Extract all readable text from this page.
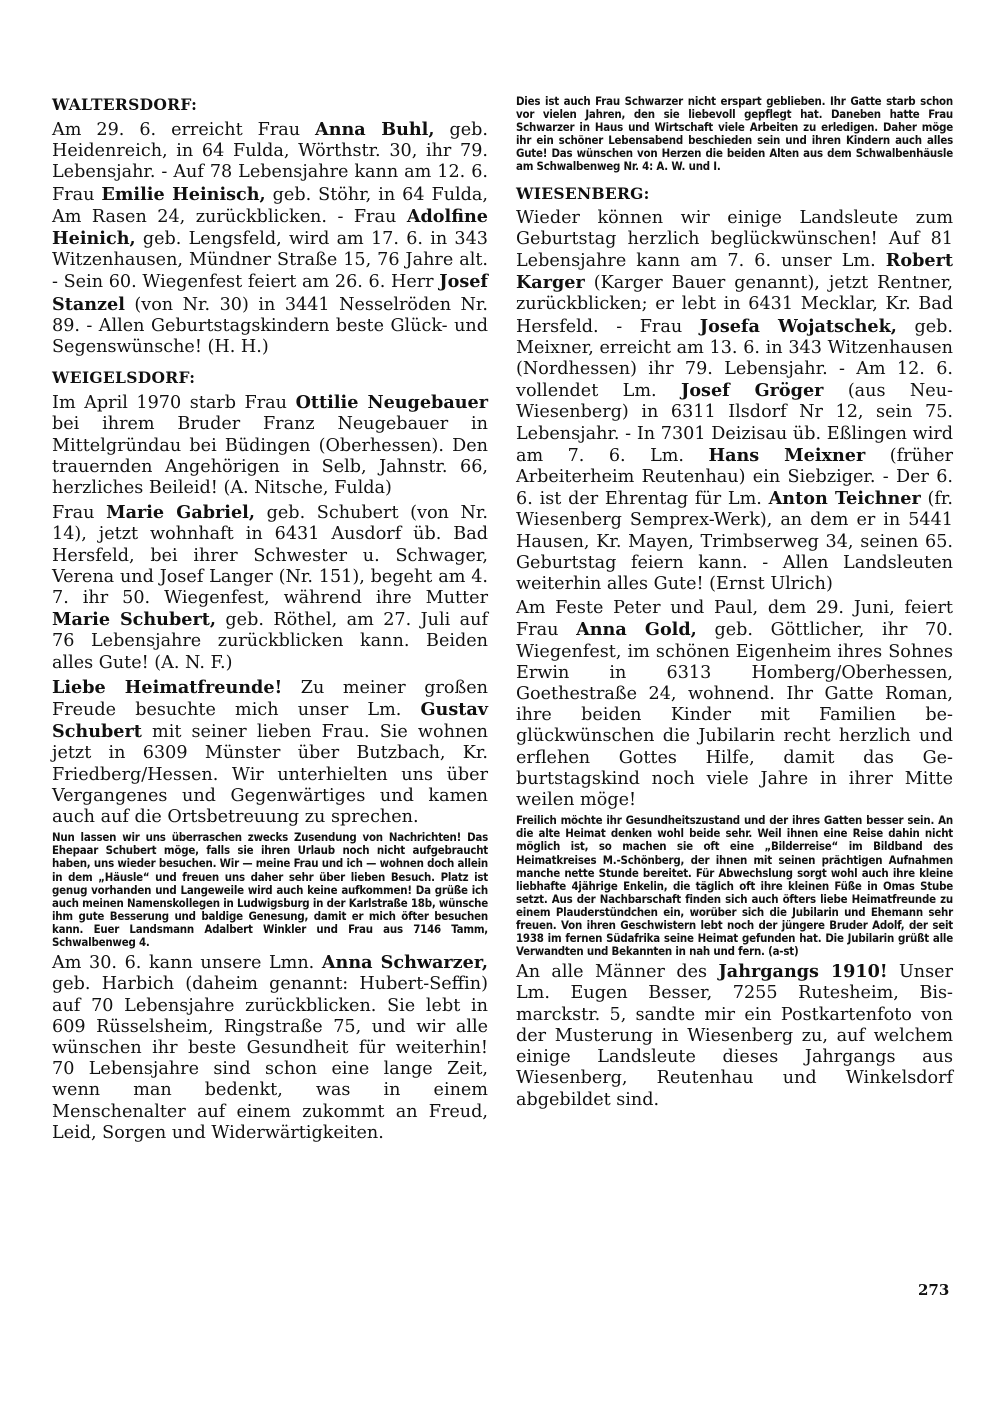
WALTERSDORF:

Am 29. 6. erreicht Frau Anna Buhl, geb. Heidenreich, in 64 Fulda, Wörthstr. 30, ihr 79. Lebensjahr. - Auf 78 Lebensjahre kann am 12. 6. Frau Emilie Heinisch, geb. Stöhr, in 64 Fulda, Am Rasen 24, zurückblicken. - Frau Adolfine Heinich, geb. Lengsfeld, wird am 17. 6. in 343 Witzenhausen, Mündner Straße 15, 76 Jahre alt. - Sein 60. Wiegenfest feiert am 26. 6. Herr Josef Stanzel (von Nr. 30) in 3441 Nesselröden Nr. 89. - Allen Geburtstagskindern beste Glück- und Segenswünsche! (H. H.)

WEIGELSDORF:

Im April 1970 starb Frau Ottilie Neugebauer bei ihrem Bruder Franz Neugebauer in Mittelgründau bei Büdingen (Oberhessen). Den trauernden Angehörigen in Selb, Jahnstr. 66, herzliches Beileid! (A. Nitsche, Fulda)

Frau Marie Gabriel, geb. Schubert (von Nr. 14), jetzt wohnhaft in 6431 Ausdorf üb. Bad Hersfeld, bei ihrer Schwester u. Schwager, Verena und Josef Langer (Nr. 151), begeht am 4. 7. ihr 50. Wiegenfest, während ihre Mutter Marie Schubert, geb. Röthel, am 27. Juli auf 76 Lebensjahre zurückblicken kann. Beiden alles Gute! (A. N. F.)

Liebe Heimatfreunde! Zu meiner großen Freude besuchte mich unser Lm. Gustav Schubert mit seiner lieben Frau. Sie wohnen jetzt in 6309 Münster über Butzbach, Kr. Friedberg/Hessen. Wir unterhielten uns über Vergangenes und Gegenwärtiges und kamen auch auf die Ortsbetreuung zu sprechen.

Nun lassen wir uns überraschen zwecks Zusendung von Nachrichten! Das Ehepaar Schubert möge, falls sie ihren Urlaub noch nicht aufgebraucht haben, uns wieder besuchen. Wir — meine Frau und ich — wohnen doch allein in dem „Häusle“ und freuen uns daher sehr über lieben Besuch. Platz ist genug vorhanden und Langeweile wird auch keine aufkommen! Da grüße ich auch meinen Namenskollegen in Ludwigsburg in der Karlstraße 18b, wünsche ihm gute Besserung und baldige Genesung, damit er mich öfter besuchen kann. Euer Landsmann Adalbert Winkler und Frau aus 7146 Tamm, Schwalbenweg 4.

Am 30. 6. kann unsere Lmn. Anna Schwarzer, geb. Harbich (daheim genannt: Hubert-Seffin) auf 70 Lebensjahre zurückblicken. Sie lebt in 609 Rüsselsheim, Ringstraße 75, und wir alle wünschen ihr beste Gesundheit für weiterhin! 70 Lebensjahre sind schon eine lange Zeit, wenn man bedenkt, was in einem Menschenalter auf einem zukommt an Freud, Leid, Sorgen und Widerwärtigkeiten.

Dies ist auch Frau Schwarzer nicht erspart geblieben. Ihr Gatte starb schon vor vielen Jahren, den sie liebevoll gepflegt hat. Daneben hatte Frau Schwarzer in Haus und Wirtschaft viele Arbeiten zu erledigen. Daher möge ihr ein schöner Lebensabend beschieden sein und ihren Kindern auch alles Gute! Das wünschen von Herzen die beiden Alten aus dem Schwalbenhäusle am Schwalbenweg Nr. 4: A. W. und I.

WIESENBERG:

Wieder können wir einige Landsleute zum Geburtstag herzlich beglückwünschen! Auf 81 Lebensjahre kann am 7. 6. unser Lm. Robert Karger (Karger Bauer genannt), jetzt Rentner, zurückblicken; er lebt in 6431 Mecklar, Kr. Bad Hersfeld. - Frau Josefa Wojatschek, geb. Meixner, erreicht am 13. 6. in 343 Witzenhausen (Nordhessen) ihr 79. Lebensjahr. - Am 12. 6. vollendet Lm. Josef Gröger (aus Neu-Wiesenberg) in 6311 Ilsdorf Nr 12, sein 75. Lebensjahr. - In 7301 Deizisau üb. Eßlingen wird am 7. 6. Lm. Hans Meixner (früher Arbeiterheim Reutenhau) ein Siebziger. - Der 6. 6. ist der Ehrentag für Lm. Anton Teichner (fr. Wiesenberg Semprex-Werk), an dem er in 5441 Hausen, Kr. Mayen, Trimbserweg 34, seinen 65. Geburtstag feiern kann. - Allen Landsleuten weiterhin alles Gute! (Ernst Ulrich)

Am Feste Peter und Paul, dem 29. Juni, feiert Frau Anna Gold, geb. Göttlicher, ihr 70. Wiegenfest, im schönen Eigenheim ihres Sohnes Erwin in 6313 Homberg/Oberhessen, Goethestraße 24, wohnend. Ihr Gatte Roman, ihre beiden Kinder mit Familien beglückwünschen die Jubilarin recht herzlich und erflehen Gottes Hilfe, damit das Geburtstagskind noch viele Jahre in ihrer Mitte weilen möge!

Freilich möchte ihr Gesundheitszustand und der ihres Gatten besser sein. An die alte Heimat denken wohl beide sehr. Weil ihnen eine Reise dahin nicht möglich ist, so machen sie oft eine „Bilderreise“ im Bildband des Heimatkreises M.-Schönberg, der ihnen mit seinen prächtigen Aufnahmen manche nette Stunde bereitet. Für Abwechslung sorgt wohl auch ihre kleine liebhafte 4jährige Enkelin, die täglich oft ihre kleinen Füße in Omas Stube setzt. Aus der Nachbarschaft finden sich auch öfters liebe Heimatfreunde zu einem Plauderstündchen ein, worüber sich die Jubilarin und Ehemann sehr freuen. Von ihren Geschwistern lebt noch der jüngere Bruder Adolf, der seit 1938 im fernen Südafrika seine Heimat gefunden hat. Die Jubilarin grüßt alle Verwandten und Bekannten in nah und fern. (a-st)

An alle Männer des Jahrgangs 1910! Unser Lm. Eugen Besser, 7255 Rutesheim, Bismarckstr. 5, sandte mir ein Postkartenfoto von der Musterung in Wiesenberg zu, auf welchem einige Landsleute dieses Jahrgangs aus Wiesenberg, Reutenhau und Winkelsdorf abgebildet sind.

273
